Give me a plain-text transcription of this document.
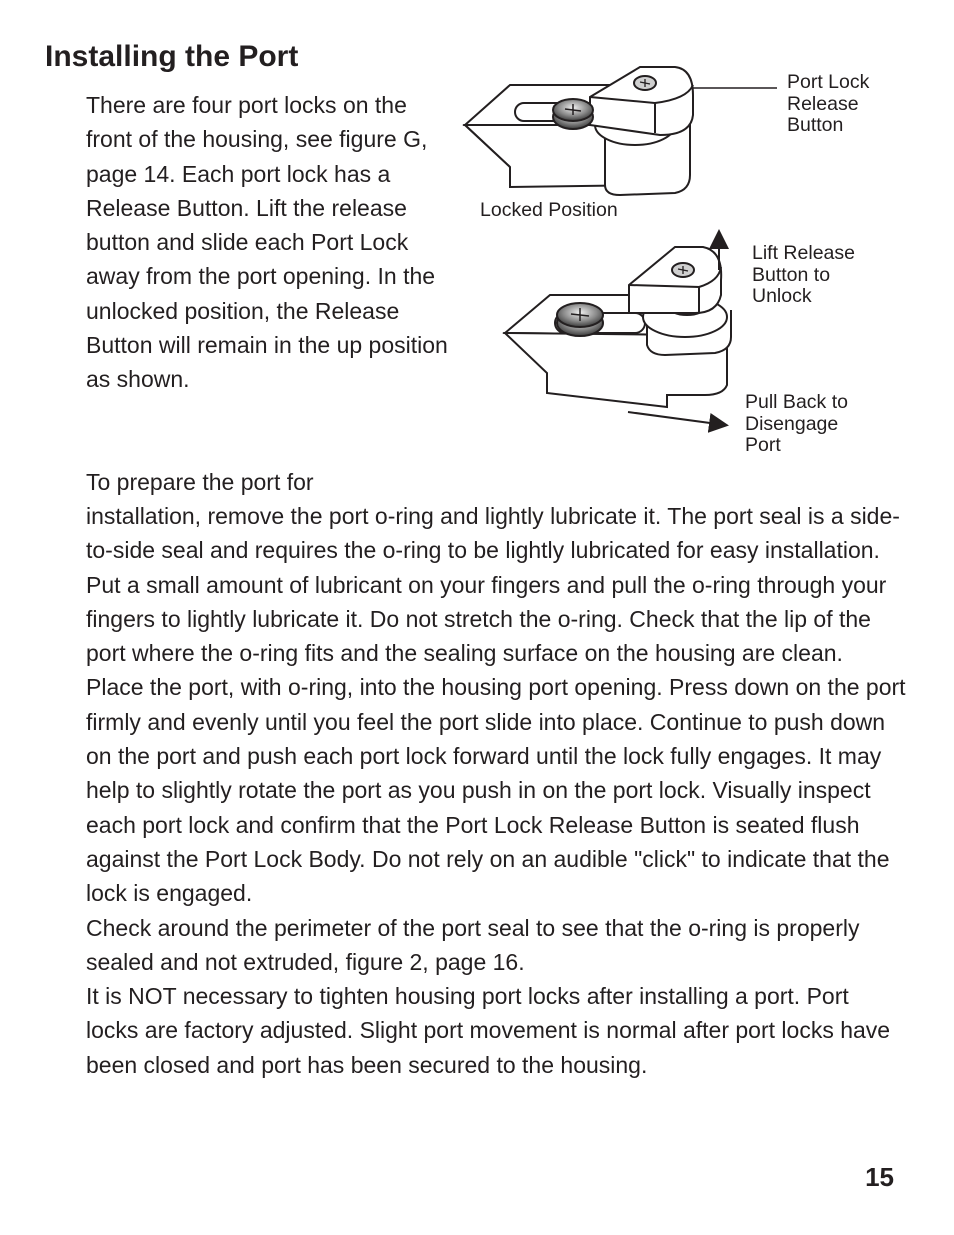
Installing the Port

There are four port locks on the front of the housing, see figure G, page 14. Each port lock has a Release Button. Lift the release button and slide each Port Lock away from the port opening. In the unlocked position, the Release Button will remain in the up position as shown.

Port Lock
Release
Button
Locked Position
Lift Release
Button to
Unlock
Pull Back to
Disengage
Port

To prepare the port for

installation, remove the port o-ring and lightly lubricate it. The port seal is a side-to-side seal and requires the o-ring to be lightly lubricated for easy installation. Put a small amount of lubricant on your fingers and pull the o-ring through your fingers to lightly lubricate it. Do not stretch the o-ring. Check that the lip of the port where the o-ring fits and the sealing surface on the housing are clean. Place the port, with o-ring, into the housing port opening. Press down on the port firmly and evenly until you feel the port slide into place. Continue to push down on the port and push each port lock forward until the lock fully engages. It may help to slightly rotate the port as you push in on the port lock. Visually inspect each port lock and confirm that the Port Lock Release Button is seated flush against the Port Lock Body. Do not rely on an audible "click" to indicate that the lock is engaged.

Check around the perimeter of the port seal to see that the o-ring is properly sealed and not extruded, figure 2, page 16.

It is NOT necessary to tighten housing port locks after installing a port. Port locks are factory adjusted. Slight port movement is normal after port locks have been closed and port has been secured to the housing.

15
